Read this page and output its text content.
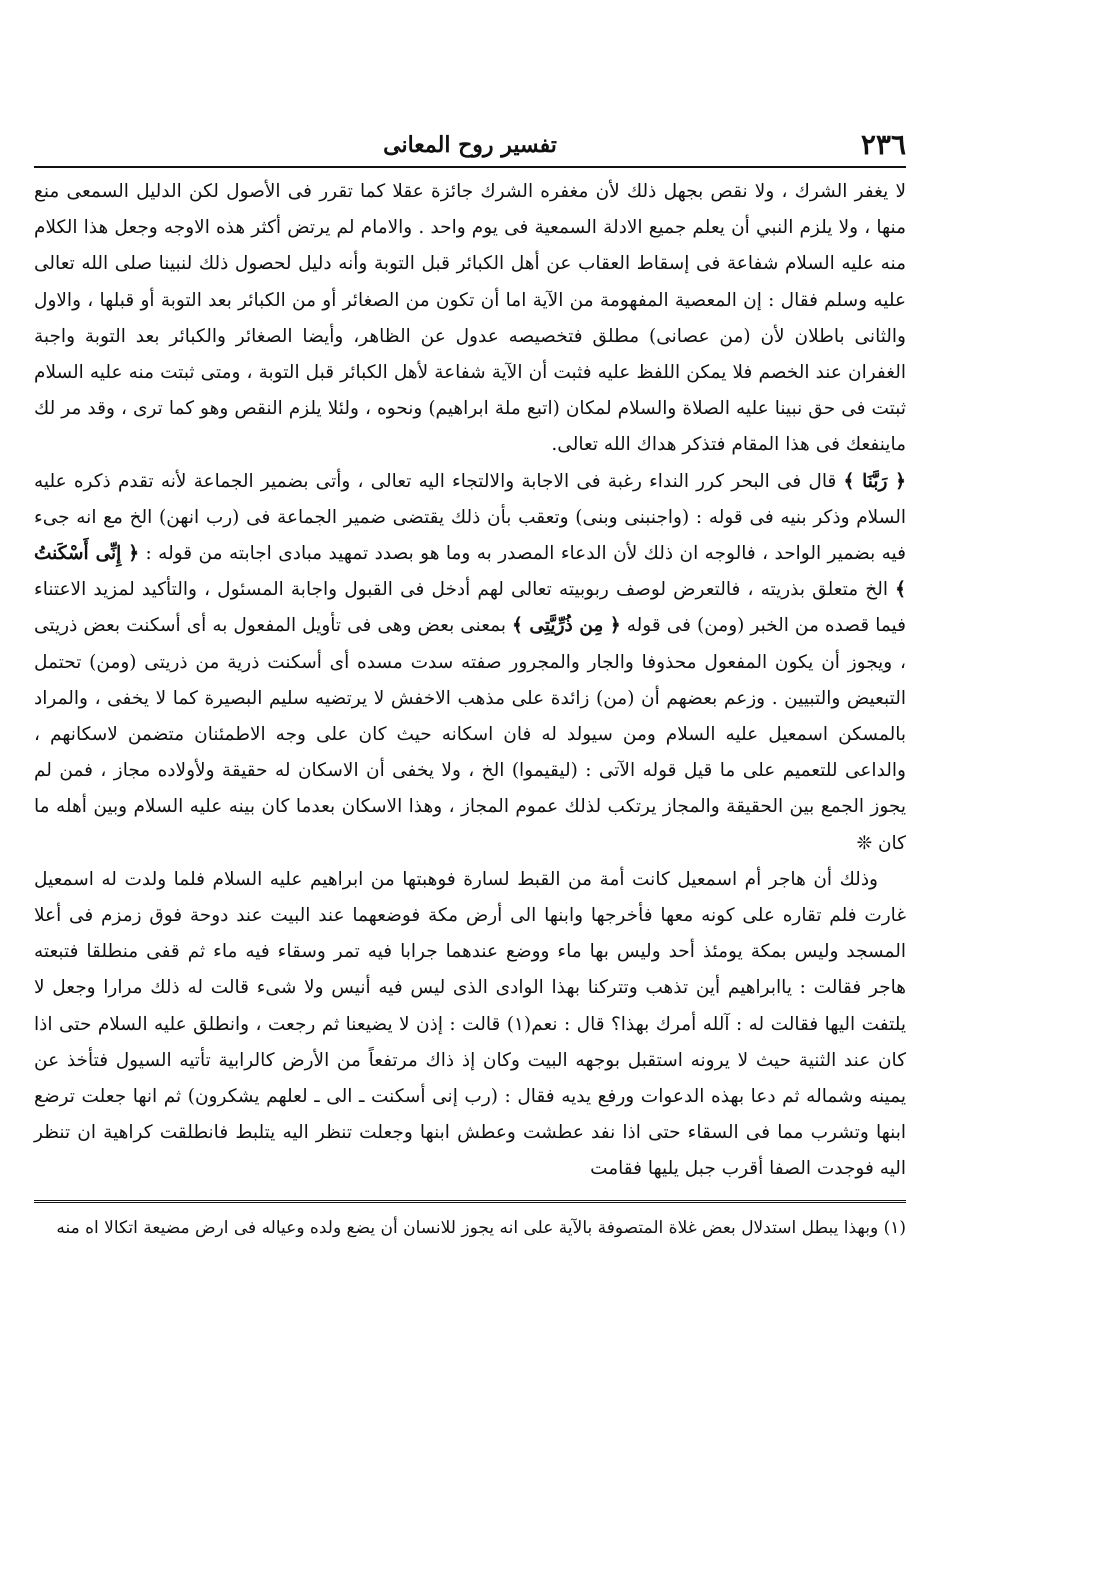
٢٣٦
تفسير روح المعانى

لا يغفر الشرك ، ولا نقص بجهل ذلك لأن مغفره الشرك جائزة عقلا كما تقرر فى الأصول لكن الدليل السمعى منع منها ، ولا يلزم النبي أن يعلم جميع الادلة السمعية فى يوم واحد . والامام لم يرتض أكثر هذه الاوجه وجعل هذا الكلام منه عليه السلام شفاعة فى إسقاط العقاب عن أهل الكبائر قبل التوبة وأنه دليل لحصول ذلك لنبينا صلى الله تعالى عليه وسلم فقال : إن المعصية المفهومة من الآية اما أن تكون من الصغائر أو من الكبائر بعد التوبة أو قبلها ، والاول والثانى باطلان لأن (من عصانى) مطلق فتخصيصه عدول عن الظاهر، وأيضا الصغائر والكبائر بعد التوبة واجبة الغفران عند الخصم فلا يمكن اللفظ عليه فثبت أن الآية شفاعة لأهل الكبائر قبل التوبة ، ومتى ثبتت منه عليه السلام ثبتت فى حق نبينا عليه الصلاة والسلام لمكان (اتبع ملة ابراهيم) ونحوه ، ولئلا يلزم النقص وهو كما ترى ، وقد مر لك ماينفعك فى هذا المقام فتذكر هداك الله تعالى.

﴿ رَبَّنَا ﴾ قال فى البحر كرر النداء رغبة فى الاجابة والالتجاء اليه تعالى ، وأتى بضمير الجماعة لأنه تقدم ذكره عليه السلام وذكر بنيه فى قوله : (واجنبنى وبنى) وتعقب بأن ذلك يقتضى ضمير الجماعة فى (رب انهن) الخ مع انه جىء فيه بضمير الواحد ، فالوجه ان ذلك لأن الدعاء المصدر به وما هو بصدد تمهيد مبادى اجابته من قوله : ﴿ إِنِّى أَسْكَنتُ ﴾ الخ متعلق بذريته ، فالتعرض لوصف ربوبيته تعالى لهم أدخل فى القبول واجابة المسئول ، والتأكيد لمزيد الاعتناء فيما قصده من الخبر (ومن) فى قوله ﴿ مِن ذُرِّيَّتِى ﴾ بمعنى بعض وهى فى تأويل المفعول به أى أسكنت بعض ذريتى ، ويجوز أن يكون المفعول محذوفا والجار والمجرور صفته سدت مسده أى أسكنت ذرية من ذريتى (ومن) تحتمل التبعيض والتبيين . وزعم بعضهم أن (من) زائدة على مذهب الاخفش لا يرتضيه سليم البصيرة كما لا يخفى ، والمراد بالمسكن اسمعيل عليه السلام ومن سيولد له فان اسكانه حيث كان على وجه الاطمئنان متضمن لاسكانهم ، والداعى للتعميم على ما قيل قوله الآتى : (ليقيموا) الخ ، ولا يخفى أن الاسكان له حقيقة ولأولاده مجاز ، فمن لم يجوز الجمع بين الحقيقة والمجاز يرتكب لذلك عموم المجاز ، وهذا الاسكان بعدما كان بينه عليه السلام وبين أهله ما كان ❊

وذلك أن هاجر أم اسمعيل كانت أمة من القبط لسارة فوهبتها من ابراهيم عليه السلام فلما ولدت له اسمعيل غارت فلم تقاره على كونه معها فأخرجها وابنها الى أرض مكة فوضعهما عند البيت عند دوحة فوق زمزم فى أعلا المسجد وليس بمكة يومئذ أحد وليس بها ماء ووضع عندهما جرابا فيه تمر وسقاء فيه ماء ثم قفى منطلقا فتبعته هاجر فقالت : ياابراهيم أين تذهب وتتركنا بهذا الوادى الذى ليس فيه أنيس ولا شىء قالت له ذلك مرارا وجعل لا يلتفت اليها فقالت له : آلله أمرك بهذا؟ قال : نعم(١) قالت : إذن لا يضيعنا ثم رجعت ، وانطلق عليه السلام حتى اذا كان عند الثنية حيث لا يرونه استقبل بوجهه البيت وكان إذ ذاك مرتفعاً من الأرض كالرابية تأتيه السيول فتأخذ عن يمينه وشماله ثم دعا بهذه الدعوات ورفع يديه فقال : (رب إنى أسكنت ـ الى ـ لعلهم يشكرون) ثم انها جعلت ترضع ابنها وتشرب مما فى السقاء حتى اذا نفد عطشت وعطش ابنها وجعلت تنظر اليه يتلبط فانطلقت كراهية ان تنظر اليه فوجدت الصفا أقرب جبل يليها فقامت

(١) وبهذا يبطل استدلال بعض غلاة المتصوفة بالآية على انه يجوز للانسان أن يضع ولده وعياله فى ارض مضيعة اتكالا اه منه
